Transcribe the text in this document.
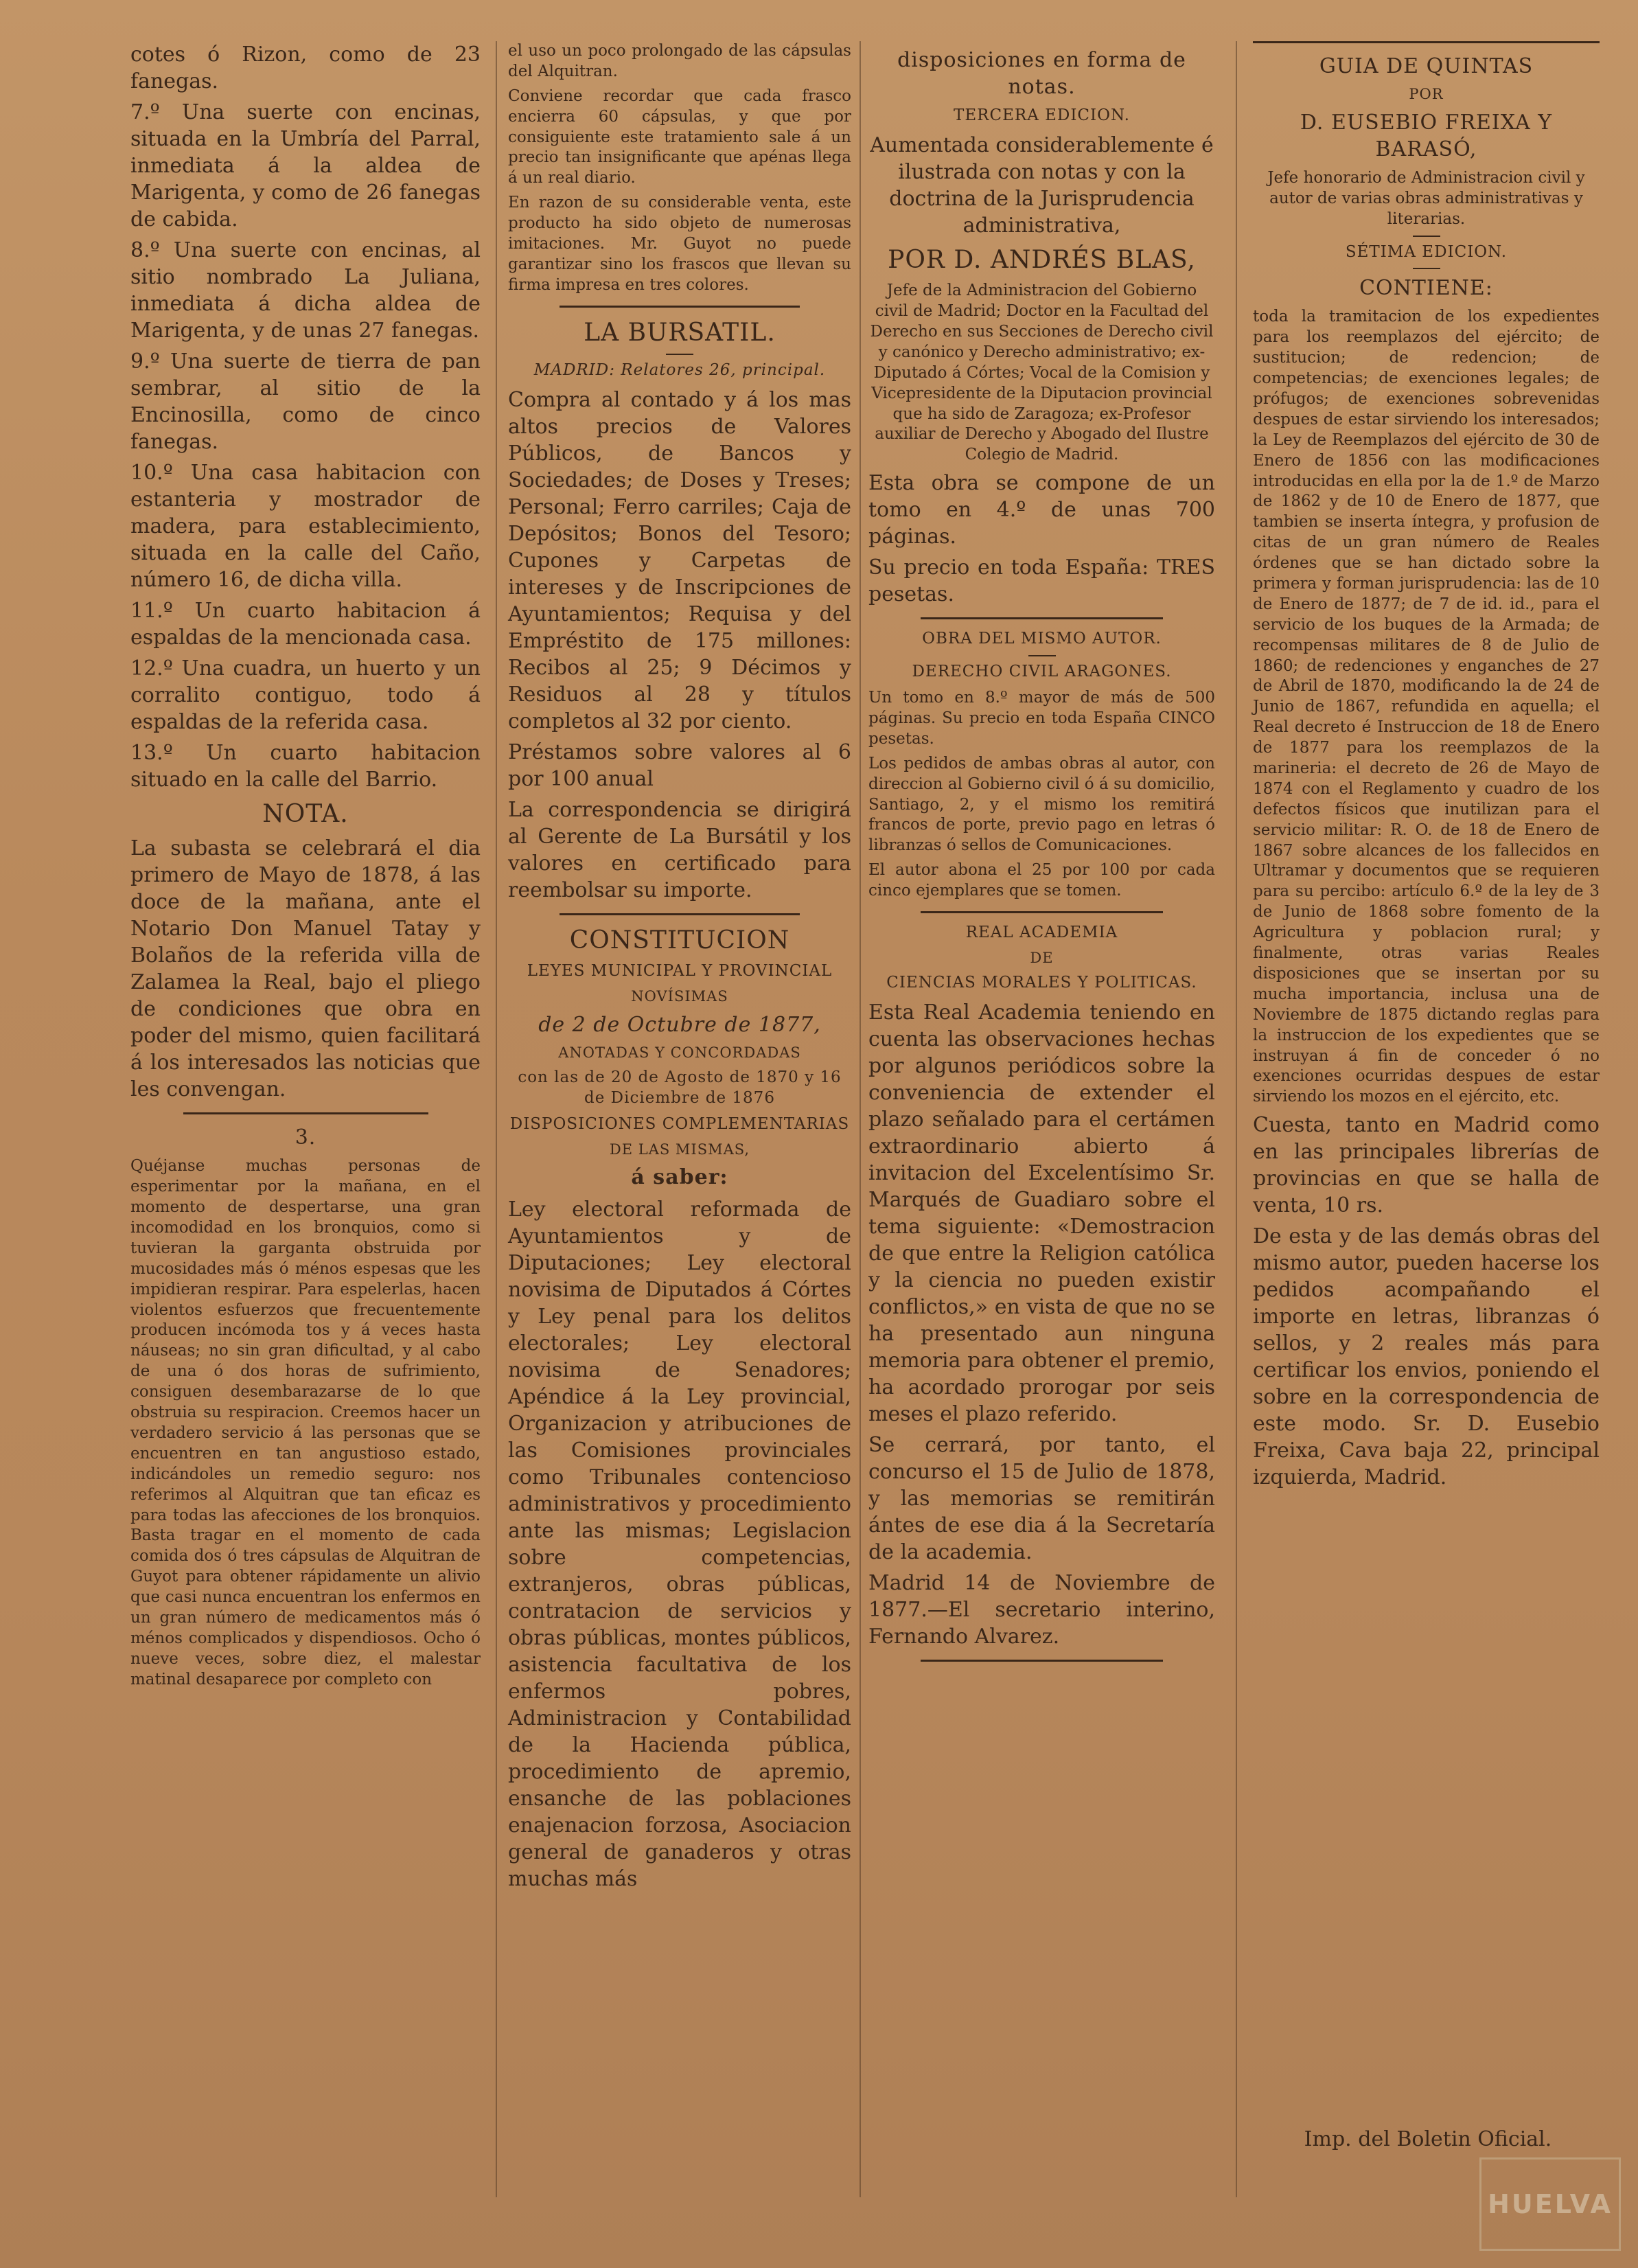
cotes ó Rizon, como de 23 fanegas.

7.º Una suerte con encinas, situada en la Umbría del Parral, inmediata á la aldea de Marigenta, y como de 26 fanegas de cabida.

8.º Una suerte con encinas, al sitio nombrado La Juliana, inmediata á dicha aldea de Marigenta, y de unas 27 fanegas.

9.º Una suerte de tierra de pan sembrar, al sitio de la Encinosilla, como de cinco fanegas.

10.º Una casa habitacion con estanteria y mostrador de madera, para establecimiento, situada en la calle del Caño, número 16, de dicha villa.

11.º Un cuarto habitacion á espaldas de la mencionada casa.

12.º Una cuadra, un huerto y un corralito contiguo, todo á espaldas de la referida casa.

13.º Un cuarto habitacion situado en la calle del Barrio.

NOTA.

La subasta se celebrará el dia primero de Mayo de 1878, á las doce de la mañana, ante el Notario Don Manuel Tatay y Bolaños de la referida villa de Zalamea la Real, bajo el pliego de condiciones que obra en poder del mismo, quien facilitará á los interesados las noticias que les convengan.

3.

Quéjanse muchas personas de esperimentar por la mañana, en el momento de despertarse, una gran incomodidad en los bronquios, como si tuvieran la garganta obstruida por mucosidades más ó ménos espesas que les impidieran respirar. Para espelerlas, hacen violentos esfuerzos que frecuentemente producen incómoda tos y á veces hasta náuseas; no sin gran dificultad, y al cabo de una ó dos horas de sufrimiento, consiguen desembarazarse de lo que obstruia su respiracion. Creemos hacer un verdadero servicio á las personas que se encuentren en tan angustioso estado, indicándoles un remedio seguro: nos referimos al Alquitran que tan eficaz es para todas las afecciones de los bronquios. Basta tragar en el momento de cada comida dos ó tres cápsulas de Alquitran de Guyot para obtener rápidamente un alivio que casi nunca encuentran los enfermos en un gran número de medicamentos más ó ménos complicados y dispendiosos. Ocho ó nueve veces, sobre diez, el malestar matinal desaparece por completo con

el uso un poco prolongado de las cápsulas del Alquitran.

Conviene recordar que cada frasco encierra 60 cápsulas, y que por consiguiente este tratamiento sale á un precio tan insignificante que apénas llega á un real diario.

En razon de su considerable venta, este producto ha sido objeto de numerosas imitaciones. Mr. Guyot no puede garantizar sino los frascos que llevan su firma impresa en tres colores.

LA BURSATIL.
MADRID: Relatores 26, principal.

Compra al contado y á los mas altos precios de Valores Públicos, de Bancos y Sociedades; de Doses y Treses; Personal; Ferro carriles; Caja de Depósitos; Bonos del Tesoro; Cupones y Carpetas de intereses y de Inscripciones de Ayuntamientos; Requisa y del Empréstito de 175 millones: Recibos al 25; 9 Décimos y Residuos al 28 y títulos completos al 32 por ciento.

Préstamos sobre valores al 6 por 100 anual

La correspondencia se dirigirá al Gerente de La Bursátil y los valores en certificado para reembolsar su importe.

CONSTITUCION
LEYES MUNICIPAL Y PROVINCIAL
NOVÍSIMAS
de 2 de Octubre de 1877,
ANOTADAS Y CONCORDADAS
con las de 20 de Agosto de 1870 y 16 de Diciembre de 1876
DISPOSICIONES COMPLEMENTARIAS
DE LAS MISMAS,
á saber:

Ley electoral reformada de Ayuntamientos y de Diputaciones; Ley electoral novisima de Diputados á Córtes y Ley penal para los delitos electorales; Ley electoral novisima de Senadores; Apéndice á la Ley provincial, Organizacion y atribuciones de las Comisiones provinciales como Tribunales contencioso administrativos y procedimiento ante las mismas; Legislacion sobre competencias, extranjeros, obras públicas, contratacion de servicios y obras públicas, montes públicos, asistencia facultativa de los enfermos pobres, Administracion y Contabilidad de la Hacienda pública, procedimiento de apremio, ensanche de las poblaciones enajenacion forzosa, Asociacion general de ganaderos y otras muchas más

disposiciones en forma de notas.
TERCERA EDICION.

Aumentada considerablemente é ilustrada con notas y con la doctrina de la Jurisprudencia administrativa,

POR D. ANDRÉS BLAS,

Jefe de la Administracion del Gobierno civil de Madrid; Doctor en la Facultad del Derecho en sus Secciones de Derecho civil y canónico y Derecho administrativo; ex-Diputado á Córtes; Vocal de la Comision y Vicepresidente de la Diputacion provincial que ha sido de Zaragoza; ex-Profesor auxiliar de Derecho y Abogado del Ilustre Colegio de Madrid.

Esta obra se compone de un tomo en 4.º de unas 700 páginas.

Su precio en toda España: TRES pesetas.

OBRA DEL MISMO AUTOR.
DERECHO CIVIL ARAGONES.

Un tomo en 8.º mayor de más de 500 páginas. Su precio en toda España CINCO pesetas.

Los pedidos de ambas obras al autor, con direccion al Gobierno civil ó á su domicilio, Santiago, 2, y el mismo los remitirá francos de porte, previo pago en letras ó libranzas ó sellos de Comunicaciones.

El autor abona el 25 por 100 por cada cinco ejemplares que se tomen.

REAL ACADEMIA
DE
CIENCIAS MORALES Y POLITICAS.

Esta Real Academia teniendo en cuenta las observaciones hechas por algunos periódicos sobre la conveniencia de extender el plazo señalado para el certámen extraordinario abierto á invitacion del Excelentísimo Sr. Marqués de Guadiaro sobre el tema siguiente: «Demostracion de que entre la Religion católica y la ciencia no pueden existir conflictos,» en vista de que no se ha presentado aun ninguna memoria para obtener el premio, ha acordado prorogar por seis meses el plazo referido.

Se cerrará, por tanto, el concurso el 15 de Julio de 1878, y las memorias se remitirán ántes de ese dia á la Secretaría de la academia.

Madrid 14 de Noviembre de 1877.—El secretario interino, Fernando Alvarez.

GUIA DE QUINTAS
POR
D. EUSEBIO FREIXA Y BARASÓ,

Jefe honorario de Administracion civil y autor de varias obras administrativas y literarias.

SÉTIMA EDICION.
CONTIENE:

toda la tramitacion de los expedientes para los reemplazos del ejército; de sustitucion; de redencion; de competencias; de exenciones legales; de prófugos; de exenciones sobrevenidas despues de estar sirviendo los interesados; la Ley de Reemplazos del ejército de 30 de Enero de 1856 con las modificaciones introducidas en ella por la de 1.º de Marzo de 1862 y de 10 de Enero de 1877, que tambien se inserta íntegra, y profusion de citas de un gran número de Reales órdenes que se han dictado sobre la primera y forman jurisprudencia: las de 10 de Enero de 1877; de 7 de id. id., para el servicio de los buques de la Armada; de recompensas militares de 8 de Julio de 1860; de redenciones y enganches de 27 de Abril de 1870, modificando la de 24 de Junio de 1867, refundida en aquella; el Real decreto é Instruccion de 18 de Enero de 1877 para los reemplazos de la marineria: el decreto de 26 de Mayo de 1874 con el Reglamento y cuadro de los defectos físicos que inutilizan para el servicio militar: R. O. de 18 de Enero de 1867 sobre alcances de los fallecidos en Ultramar y documentos que se requieren para su percibo: artículo 6.º de la ley de 3 de Junio de 1868 sobre fomento de la Agricultura y poblacion rural; y finalmente, otras varias Reales disposiciones que se insertan por su mucha importancia, inclusa una de Noviembre de 1875 dictando reglas para la instruccion de los expedientes que se instruyan á fin de conceder ó no exenciones ocurridas despues de estar sirviendo los mozos en el ejército, etc.

Cuesta, tanto en Madrid como en las principales librerías de provincias en que se halla de venta, 10 rs.

De esta y de las demás obras del mismo autor, pueden hacerse los pedidos acompañando el importe en letras, libranzas ó sellos, y 2 reales más para certificar los envios, poniendo el sobre en la correspondencia de este modo. Sr. D. Eusebio Freixa, Cava baja 22, principal izquierda, Madrid.

Imp. del Boletin Oficial.
HUELVA
